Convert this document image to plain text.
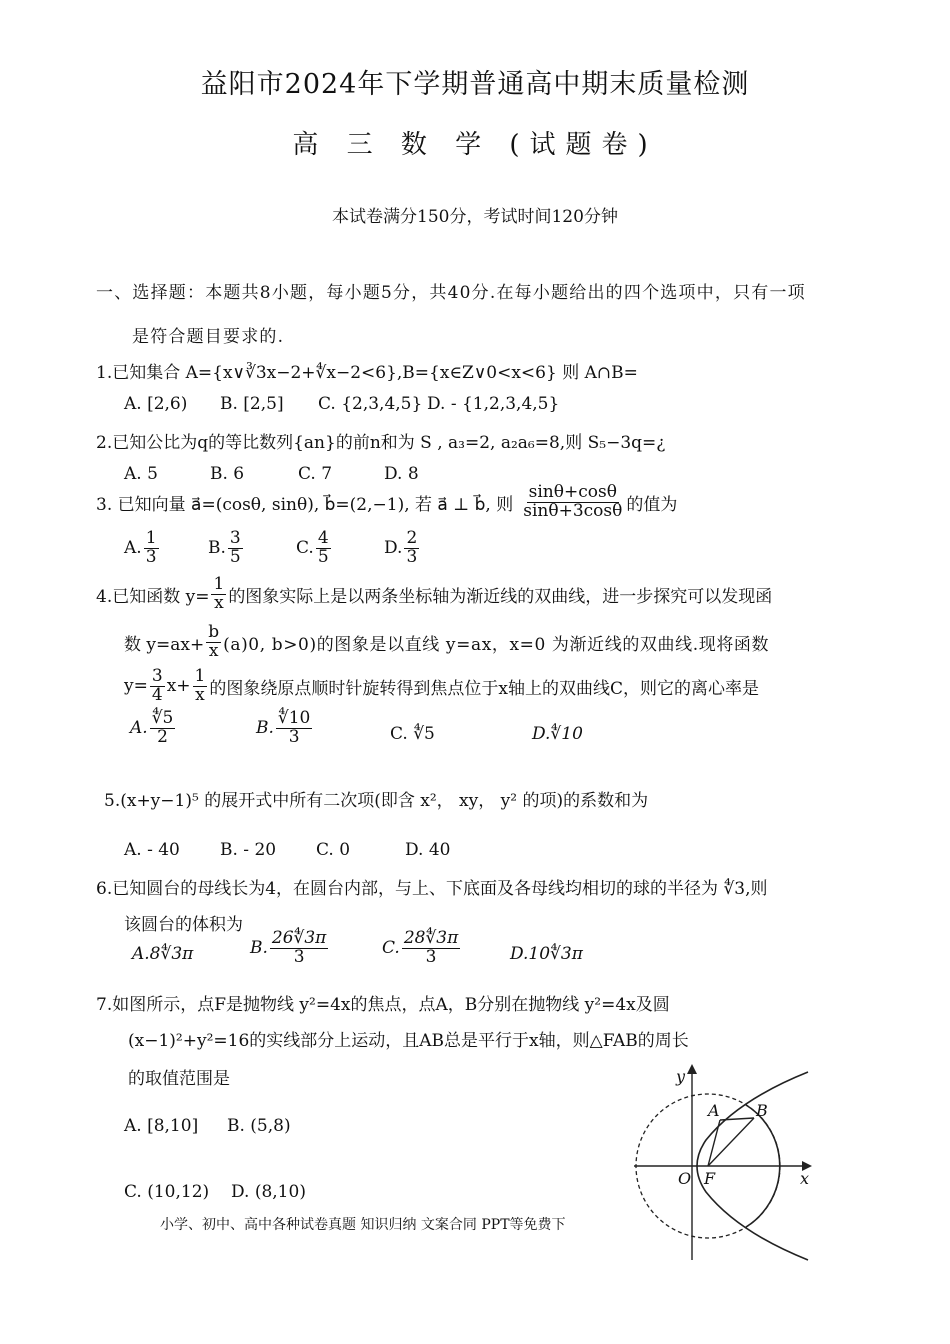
益阳市2024年下学期普通高中期末质量检测
高 三 数 学 (试题卷)
本试卷满分150分，考试时间120分钟
一、选择题：本题共8小题，每小题5分，共40分.在每小题给出的四个选项中，只有一项
是符合题目要求的.
1.已知集合 A={x∨∛3x−2+∜x−2<6},B={x∈Z∨0<x<6} 则 A∩B=
A. [2,6) B. [2,5] C. {2,3,4,5} D. - {1,2,3,4,5}
2.已知公比为q的等比数列{an}的前n和为 S , a₃=2, a₂a₆=8,则 S₅−3q=¿
A. 5	B. 6	C. 7	D. 8
3. 已知向量 a⃗=(cosθ, sinθ), b⃗=(2,−1), 若 a⃗ ⊥ b⃗, 则 $\frac{\sin\theta+\cos\theta}{\sin\theta+3\cos\theta}$ 的值为
A. $\frac{1}{3}$	B. $\frac{3}{5}$	C. $\frac{4}{5}$	D. $\frac{2}{3}$
4.已知函数 $y= \frac{1}{x}$ 的图象实际上是以两条坐标轴为渐近线的双曲线，进一步探究可以发现函
数 $y=ax+ \frac{b}{x} (a)0$, b>0)的图象是以直线 y=ax，x=0 为渐近线的双曲线.现将函数
$y= \frac{3}{4} x+ \frac{1}{x}$ 的图象绕原点顺时针旋转得到焦点位于x轴上的双曲线C，则它的离心率是
A. $\frac{∜5}{2}$	B. $\frac{∜10}{3}$	C. ∜5	D.∜10
5.(x+y−1)⁵ 的展开式中所有二次项(即含 x²， xy， y² 的项)的系数和为
A. - 40 B. - 20 C. 0	D. 40
6.已知圆台的母线长为4，在圆台内部，与上、下底面及各母线均相切的球的半径为 ∜3,则
该圆台的体积为
A.8∜3π	B. $\frac{26∜3\pi}{3}$	C. $\frac{28∜3\pi}{3}$	D.10∜3π
7.如图所示，点F是抛物线 y²=4x的焦点，点A，B分别在抛物线 y²=4x及圆
(x−1)²+y²=16的实线部分上运动，且AB总是平行于x轴，则△FAB的周长
的取值范围是
A. [8,10] B. (5,8)
C. (10,12) D. (8,10)
x
y
O F
A B
小学、初中、高中各种试卷真题 知识归纳 文案合同 PPT等免费下
